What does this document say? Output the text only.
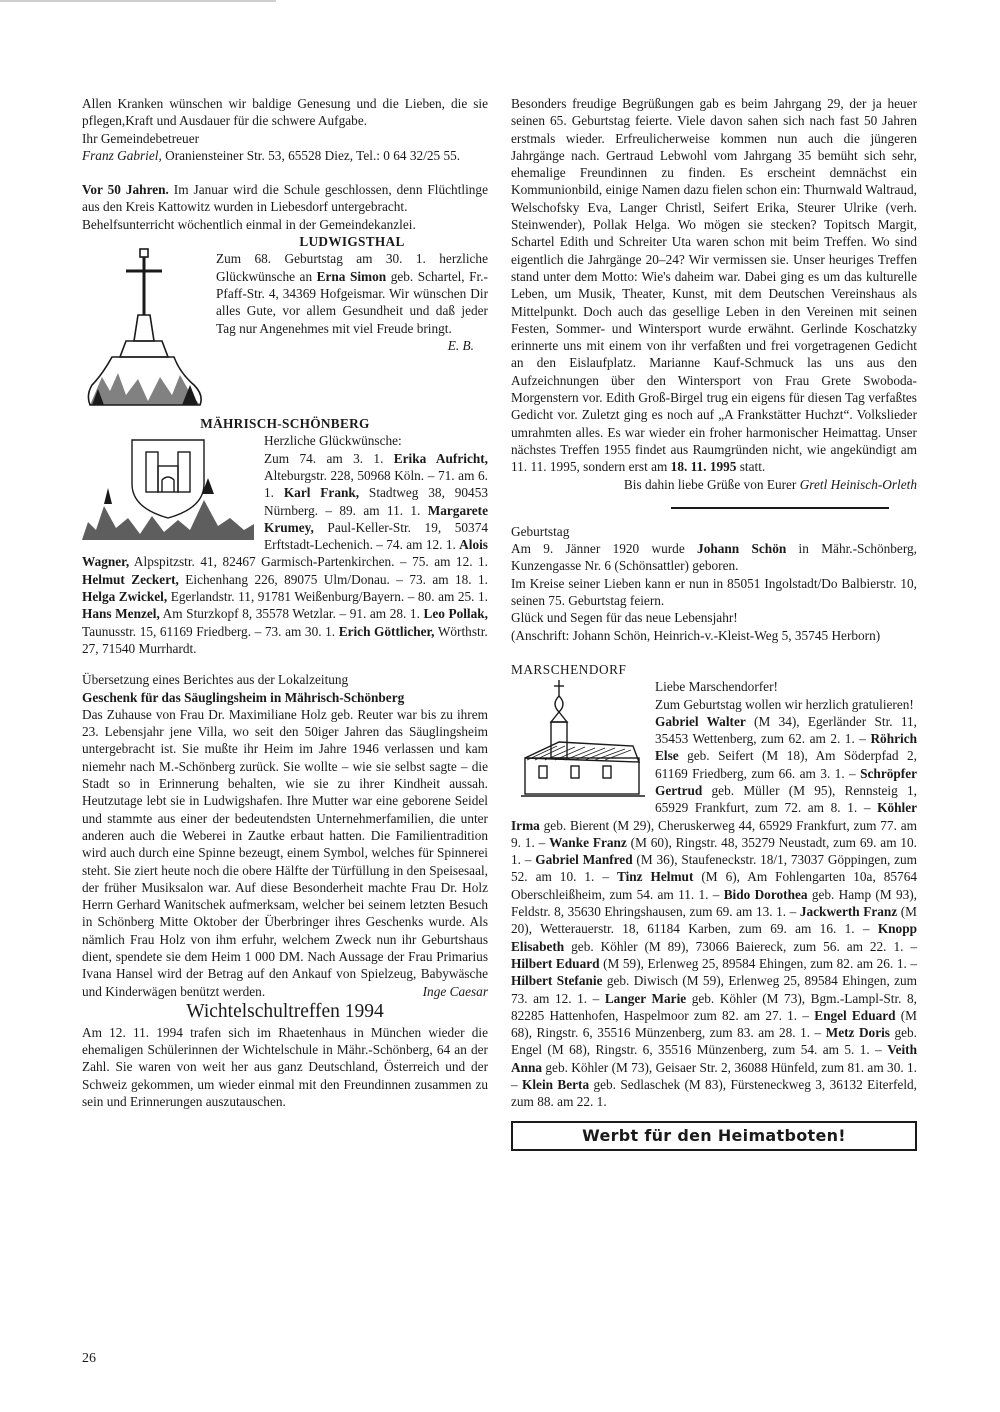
Allen Kranken wünschen wir baldige Genesung und die Lieben, die sie pflegen,Kraft und Ausdauer für die schwere Aufgabe.

Ihr Gemeindebetreuer

Franz Gabriel, Oraniensteiner Str. 53, 65528 Diez, Tel.: 0 64 32/25 55.

Vor 50 Jahren. Im Januar wird die Schule geschlossen, denn Flüchtlinge aus den Kreis Kattowitz wurden in Liebesdorf untergebracht.

Behelfsunterricht wöchentlich einmal in der Gemeindekanzlei.

LUDWIGSTHAL

Zum 68. Geburtstag am 30. 1. herzliche Glückwünsche an Erna Simon geb. Schartel, Fr.-Pfaff-Str. 4, 34369 Hofgeismar. Wir wünschen Dir alles Gute, vor allem Gesundheit und daß jeder Tag nur Angenehmes mit viel Freude bringt.
E. B.

MÄHRISCH-SCHÖNBERG

Herzliche Glückwünsche:

Zum 74. am 3. 1. Erika Aufricht, Alteburgstr. 228, 50968 Köln. – 71. am 6. 1. Karl Frank, Stadtweg 38, 90453 Nürnberg. – 89. am 11. 1. Margarete Krumey, Paul-Keller-Str. 19, 50374 Erftstadt-Lechenich. – 74. am 12. 1. Alois Wagner, Alpspitzstr. 41, 82467 Garmisch-Partenkirchen. – 75. am 12. 1. Helmut Zeckert, Eichenhang 226, 89075 Ulm/Donau. – 73. am 18. 1. Helga Zwickel, Egerlandstr. 11, 91781 Weißenburg/Bayern. – 80. am 25. 1. Hans Menzel, Am Sturzkopf 8, 35578 Wetzlar. – 91. am 28. 1. Leo Pollak, Taunusstr. 15, 61169 Friedberg. – 73. am 30. 1. Erich Göttlicher, Wörthstr. 27, 71540 Murrhardt.

Übersetzung eines Berichtes aus der Lokalzeitung

Geschenk für das Säuglingsheim in Mährisch-Schönberg

Das Zuhause von Frau Dr. Maximiliane Holz geb. Reuter war bis zu ihrem 23. Lebensjahr jene Villa, wo seit den 50iger Jahren das Säuglingsheim untergebracht ist. Sie mußte ihr Heim im Jahre 1946 verlassen und kam niemehr nach M.-Schönberg zurück. Sie wollte – wie sie selbst sagte – die Stadt so in Erinnerung behalten, wie sie zu ihrer Kindheit aussah. Heutzutage lebt sie in Ludwigshafen. Ihre Mutter war eine geborene Seidel und stammte aus einer der bedeutendsten Unternehmerfamilien, die unter anderen auch die Weberei in Zautke erbaut hatten. Die Familientradition wird auch durch eine Spinne bezeugt, einem Symbol, welches für Spinnerei steht. Sie ziert heute noch die obere Hälfte der Türfüllung in den Speisesaal, der früher Musiksalon war. Auf diese Besonderheit machte Frau Dr. Holz Herrn Gerhard Wanitschek aufmerksam, welcher bei seinem letzten Besuch in Schönberg Mitte Oktober der Überbringer ihres Geschenks wurde. Als nämlich Frau Holz von ihm erfuhr, welchem Zweck nun ihr Geburtshaus dient, spendete sie dem Heim 1 000 DM. Nach Aussage der Frau Primarius Ivana Hansel wird der Betrag auf den Ankauf von Spielzeug, Babywäsche und Kinderwägen benützt werden.	Inge Caesar

Wichtelschultreffen 1994

Am 12. 11. 1994 trafen sich im Rhaetenhaus in München wieder die ehemaligen Schülerinnen der Wichtelschule in Mähr.-Schönberg, 64 an der Zahl. Sie waren von weit her aus ganz Deutschland, Österreich und der Schweiz gekommen, um wieder einmal mit den Freundinnen zusammen zu sein und Erinnerungen auszutauschen.

Besonders freudige Begrüßungen gab es beim Jahrgang 29, der ja heuer seinen 65. Geburtstag feierte. Viele davon sahen sich nach fast 50 Jahren erstmals wieder. Erfreulicherweise kommen nun auch die jüngeren Jahrgänge nach. Gertraud Lebwohl vom Jahrgang 35 bemüht sich sehr, ehemalige Freundinnen zu finden. Es erscheint demnächst ein Kommunionbild, einige Namen dazu fielen schon ein: Thurnwald Waltraud, Welschofsky Eva, Langer Christl, Seifert Erika, Steurer Ulrike (verh. Steinwender), Pollak Helga. Wo mögen sie stecken? Topitsch Margit, Schartel Edith und Schreiter Uta waren schon mit beim Treffen. Wo sind eigentlich die Jahrgänge 20–24? Wir vermissen sie. Unser heuriges Treffen stand unter dem Motto: Wie's daheim war. Dabei ging es um das kulturelle Leben, um Musik, Theater, Kunst, mit dem Deutschen Vereinshaus als Mittelpunkt. Doch auch das gesellige Leben in den Vereinen mit seinen Festen, Sommer- und Wintersport wurde erwähnt. Gerlinde Koschatzky erinnerte uns mit einem von ihr verfaßten und frei vorgetragenen Gedicht an den Eislaufplatz. Marianne Kauf-Schmuck las uns aus den Aufzeichnungen über den Wintersport von Frau Grete Swoboda-Morgenstern vor. Edith Groß-Birgel trug ein eigens für diesen Tag verfaßtes Gedicht vor. Zuletzt ging es noch auf „A Frankstätter Huchzt“. Volkslieder umrahmten alles. Es war wieder ein froher harmonischer Heimattag. Unser nächstes Treffen 1955 findet aus Raumgründen nicht, wie angekündigt am 11. 11. 1995, sondern erst am 18. 11. 1995 statt.

Bis dahin liebe Grüße von Eurer Gretl Heinisch-Orleth

Geburtstag

Am 9. Jänner 1920 wurde Johann Schön in Mähr.-Schönberg, Kunzengasse Nr. 6 (Schönsattler) geboren.

Im Kreise seiner Lieben kann er nun in 85051 Ingolstadt/Do Balbierstr. 10, seinen 75. Geburtstag feiern.

Glück und Segen für das neue Lebensjahr!

(Anschrift: Johann Schön, Heinrich-v.-Kleist-Weg 5, 35745 Herborn)

MARSCHENDORF

Liebe Marschendorfer!

Zum Geburtstag wollen wir herzlich gratulieren!

Gabriel Walter (M 34), Egerländer Str. 11, 35453 Wettenberg, zum 62. am 2. 1. – Röhrich Else geb. Seifert (M 18), Am Söderpfad 2, 61169 Friedberg, zum 66. am 3. 1. – Schröpfer Gertrud geb. Müller (M 95), Rennsteig 1, 65929 Frankfurt, zum 72. am 8. 1. – Köhler Irma geb. Bierent (M 29), Cheruskerweg 44, 65929 Frankfurt, zum 77. am 9. 1. – Wanke Franz (M 60), Ringstr. 48, 35279 Neustadt, zum 69. am 10. 1. – Gabriel Manfred (M 36), Staufeneckstr. 18/1, 73037 Göppingen, zum 52. am 10. 1. – Tinz Helmut (M 6), Am Fohlengarten 10a, 85764 Oberschleißheim, zum 54. am 11. 1. – Bido Dorothea geb. Hamp (M 93), Feldstr. 8, 35630 Ehringshausen, zum 69. am 13. 1. – Jackwerth Franz (M 20), Wetterauerstr. 18, 61184 Karben, zum 69. am 16. 1. – Knopp Elisabeth geb. Köhler (M 89), 73066 Baiereck, zum 56. am 22. 1. – Hilbert Eduard (M 59), Erlenweg 25, 89584 Ehingen, zum 82. am 26. 1. – Hilbert Stefanie geb. Diwisch (M 59), Erlenweg 25, 89584 Ehingen, zum 73. am 12. 1. – Langer Marie geb. Köhler (M 73), Bgm.-Lampl-Str. 8, 82285 Hattenhofen, Haspelmoor zum 82. am 27. 1. – Engel Eduard (M 68), Ringstr. 6, 35516 Münzenberg, zum 83. am 28. 1. – Metz Doris geb. Engel (M 68), Ringstr. 6, 35516 Münzenberg, zum 54. am 5. 1. – Veith Anna geb. Köhler (M 73), Geisaer Str. 2, 36088 Hünfeld, zum 81. am 30. 1. – Klein Berta geb. Sedlaschek (M 83), Fürsteneckweg 3, 36132 Eiterfeld, zum 88. am 22. 1.

Werbt für den Heimatboten!
26
